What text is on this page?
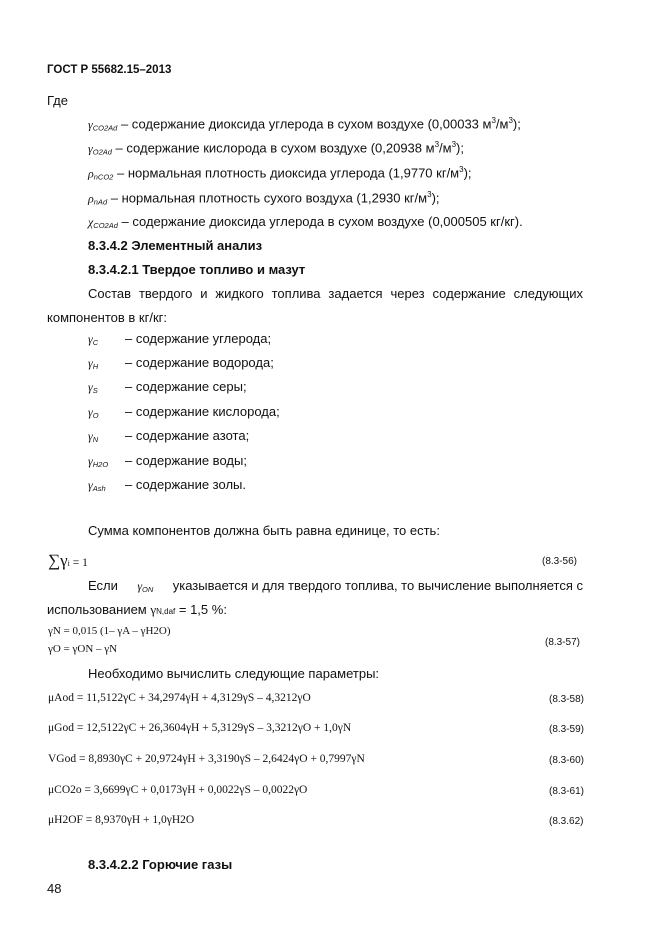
ГОСТ Р 55682.15–2013
Где
$\gamma_{CO2Ad}$ – содержание диоксида углерода в сухом воздухе (0,00033 $м^3/м^3$);
$\gamma_{O2Ad}$ – содержание кислорода в сухом воздухе (0,20938 $м^3/м^3$);
$\rho_{nCO2}$ – нормальная плотность диоксида углерода (1,9770 $кг/м^3$);
$\rho_{nAd}$ – нормальная плотность сухого воздуха (1,2930 $кг/м^3$);
$\chi_{CO2Ad}$ – содержание диоксида углерода в сухом воздухе (0,000505 кг/кг).
8.3.4.2 Элементный анализ
8.3.4.2.1 Твердое топливо и мазут
Состав твердого и жидкого топлива задается через содержание следующих
компонентов в кг/кг:
$\gamma_C$ – содержание углерода;
$\gamma_H$ – содержание водорода;
$\gamma_S$ – содержание серы;
$\gamma_O$ – содержание кислорода;
$\gamma_N$ – содержание азота;
$\gamma_{H2O}$ – содержание воды;
$\gamma_{Ash}$ – содержание золы.
Сумма компонентов должна быть равна единице, то есть:
∑γi = 1	(8.3-56)
Если $\gamma_{ON}$ указывается и для твердого топлива, то вычисление выполняется с
использованием γN,daf = 1,5 %:
γN = 0,015 (1– γA – γH2O)
γO = γON – γN
(8.3-57)
Необходимо вычислить следующие параметры:
μAod = 11,5122γC + 34,2974γH + 4,3129γS – 4,3212γO	(8.3-58)
μGod = 12,5122γC + 26,3604γH + 5,3129γS – 3,3212γO + 1,0γN	(8.3-59)
VGod = 8,8930γC + 20,9724γH + 3,3190γS – 2,6424γO + 0,7997γN	(8.3-60)
μCO2o = 3,6699γC + 0,0173γH + 0,0022γS – 0,0022γO	(8.3-61)
μH2OF = 8,9370γH + 1,0γH2O	(8.3.62)
8.3.4.2.2 Горючие газы
48
